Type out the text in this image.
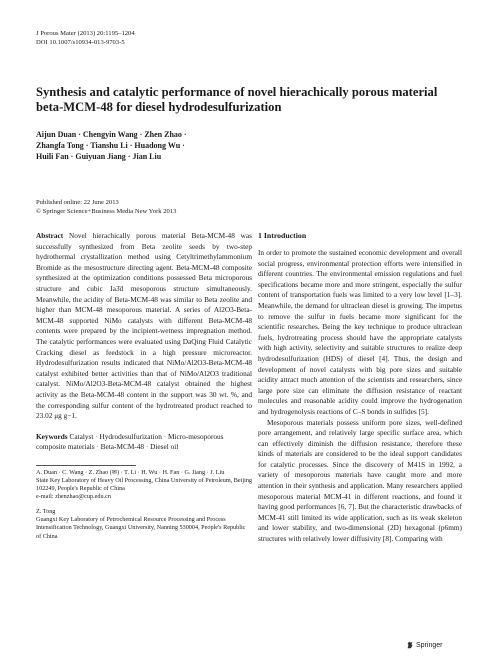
J Porous Mater (2013) 20:1195–1204
DOI 10.1007/s10934-013-9703-5
Synthesis and catalytic performance of novel hierachically porous material beta-MCM-48 for diesel hydrodesulfurization
Aijun Duan · Chengyin Wang · Zhen Zhao ·
Zhangfa Tong · Tianshu Li · Huadong Wu ·
Huili Fan · Guiyuan Jiang · Jian Liu
Published online: 22 June 2013
© Springer Science+Business Media New York 2013

Abstract Novel hierachically porous material Beta-MCM-48 was successfully synthesized from Beta zeolite seeds by two-step hydrothermal crystallization method using Cetyltrimethylammonium Bromide as the mesostructure directing agent. Beta-MCM-48 composite synthesized at the optimization conditions possessed Beta microporous structure and cubic Ia3̄d mesoporous structure simultaneously. Meanwhile, the acidity of Beta-MCM-48 was similar to Beta zeolite and higher than MCM-48 mesoporous material. A series of Al2O3-Beta-MCM-48 supported NiMo catalysts with different Beta-MCM-48 contents were prepared by the incipient-wetness impregnation method. The catalytic performances were evaluated using DaQing Fluid Catalytic Cracking diesel as feedstock in a high pressure microreactor. Hydrodesulfurization results indicated that NiMo/Al2O3-Beta-MCM-48 catalyst exhibited better activities than that of NiMo/Al2O3 traditional catalyst. NiMo/Al2O3-Beta-MCM-48 catalyst obtained the highest activity as the Beta-MCM-48 content in the support was 30 wt. %, and the corresponding sulfur content of the hydrotreated product reached to 23.02 μg g−1.

Keywords Catalyst · Hydrodesulfurization · Micro-mesoporous composite materials · Beta-MCM-48 · Diesel oil
A. Duan · C. Wang · Z. Zhao (✉) · T. Li · H. Wu · H. Fan · G. Jiang · J. Liu
State Key Laboratory of Heavy Oil Processing, China University of Petroleum, Beijing 102249, People's Republic of China
e-mail: zhenzhao@cup.edu.cn
Z. Tong
Guangxi Key Laboratory of Petrochemical Resource Processing and Process Intensification Technology, Guangxi University, Nanning 530004, People's Republic of China
1 Introduction

In order to promote the sustained economic development and overall social progress, environmental protection efforts were intensified in different countries. The environmental emission regulations and fuel specifications became more and more stringent, especially the sulfur content of transportation fuels was limited to a very low level [1–3]. Meanwhile, the demand for ultraclean diesel is growing. The impetus to remove the sulfur in fuels became more significant for the scientific researches. Being the key technique to produce ultraclean fuels, hydrotreating process should have the appropriate catalysts with high activity, selectivity and suitable structures to realize deep hydrodesulfurization (HDS) of diesel [4]. Thus, the design and development of novel catalysts with big pore sizes and suitable acidity attract much attention of the scientists and researchers, since large pore size can eliminate the diffusion resistance of reactant molecules and reasonable acidity could improve the hydrogenation and hydrogenolysis reactions of C–S bonds in sulfides [5].

Mesoporous materials possess uniform pore sizes, well-defined pore arrangement, and relatively large specific surface area, which can effectively diminish the diffusion resistance, therefore these kinds of materials are considered to be the ideal support candidates for catalytic processes. Since the discovery of M41S in 1992, a variety of mesoporous materials have caught more and more attention in their synthesis and application. Many researchers applied mesoporous material MCM-41 in different reactions, and found it having good performances [6, 7]. But the characteristic drawbacks of MCM-41 still limited its wide application, such as its weak skeleton and lower stability, and two-dimensional (2D) hexagonal (p6mm) structures with relatively lower diffusivity [8]. Comparing with

Springer
